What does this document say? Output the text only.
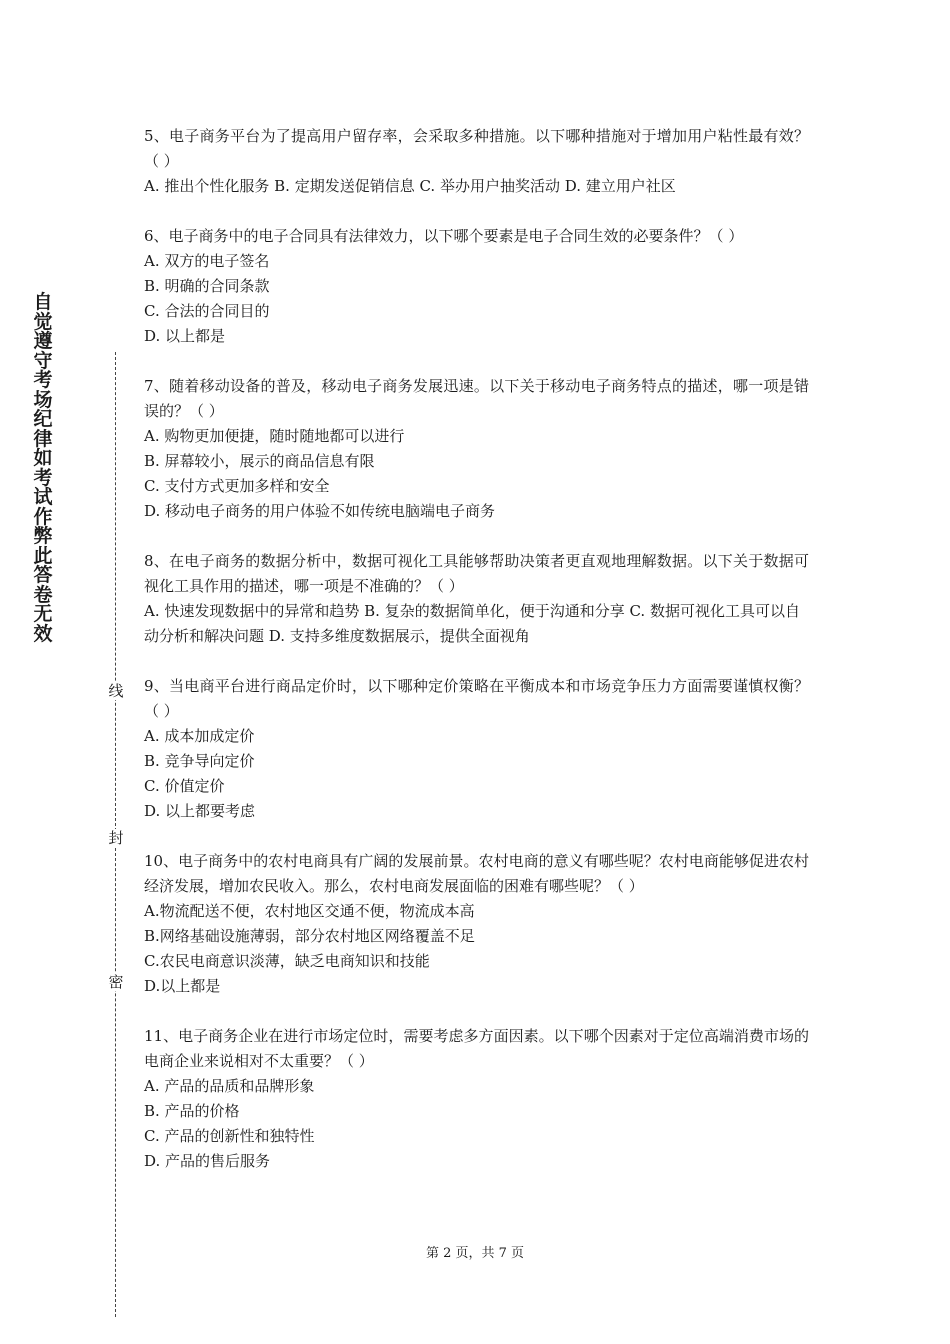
自觉遵守考场纪律如考试作弊此答卷无效
线
封
密

5、电子商务平台为了提高用户留存率，会采取多种措施。以下哪种措施对于增加用户粘性最有效？（ ）

A. 推出个性化服务 B. 定期发送促销信息 C. 举办用户抽奖活动 D. 建立用户社区

6、电子商务中的电子合同具有法律效力，以下哪个要素是电子合同生效的必要条件？（ ）

A. 双方的电子签名

B. 明确的合同条款

C. 合法的合同目的

D. 以上都是

7、随着移动设备的普及，移动电子商务发展迅速。以下关于移动电子商务特点的描述，哪一项是错误的？（ ）

A. 购物更加便捷，随时随地都可以进行

B. 屏幕较小，展示的商品信息有限

C. 支付方式更加多样和安全

D. 移动电子商务的用户体验不如传统电脑端电子商务

8、在电子商务的数据分析中，数据可视化工具能够帮助决策者更直观地理解数据。以下关于数据可视化工具作用的描述，哪一项是不准确的？（ ）

A. 快速发现数据中的异常和趋势 B. 复杂的数据简单化，便于沟通和分享 C. 数据可视化工具可以自动分析和解决问题 D. 支持多维度数据展示，提供全面视角

9、当电商平台进行商品定价时，以下哪种定价策略在平衡成本和市场竞争压力方面需要谨慎权衡？（ ）

A. 成本加成定价

B. 竞争导向定价

C. 价值定价

D. 以上都要考虑

10、电子商务中的农村电商具有广阔的发展前景。农村电商的意义有哪些呢？农村电商能够促进农村经济发展，增加农民收入。那么，农村电商发展面临的困难有哪些呢？（ ）

A.物流配送不便，农村地区交通不便，物流成本高

B.网络基础设施薄弱，部分农村地区网络覆盖不足

C.农民电商意识淡薄，缺乏电商知识和技能

D.以上都是

11、电子商务企业在进行市场定位时，需要考虑多方面因素。以下哪个因素对于定位高端消费市场的电商企业来说相对不太重要？（ ）

A. 产品的品质和品牌形象

B. 产品的价格

C. 产品的创新性和独特性

D. 产品的售后服务

第 2 页，共 7 页
